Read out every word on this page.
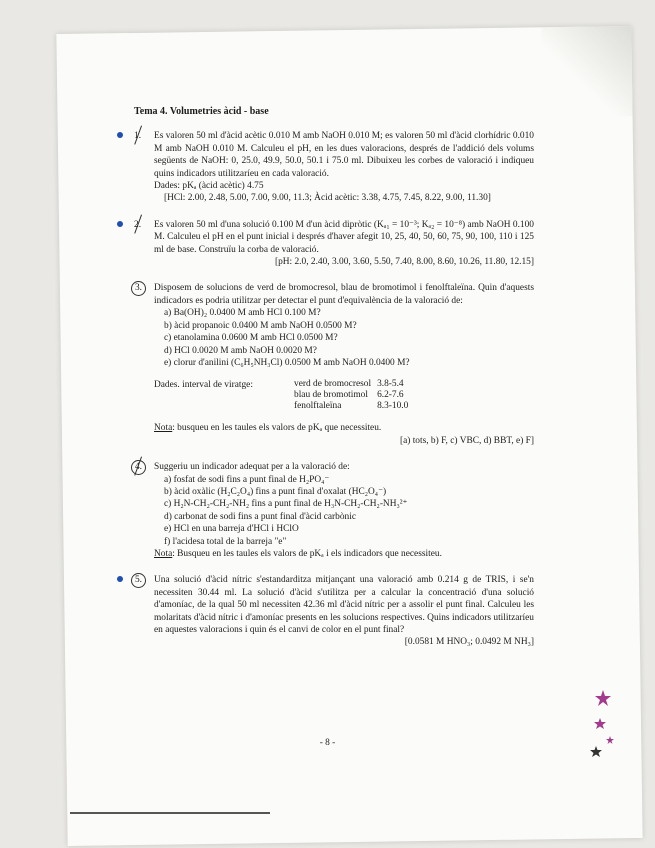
Tema 4. Volumetries àcid - base
1. Es valoren 50 ml d'àcid acètic 0.010 M amb NaOH 0.010 M; es valoren 50 ml d'àcid clorhídric 0.010 M amb NaOH 0.010 M. Calculeu el pH, en les dues valoracions, després de l'addició dels volums següents de NaOH: 0, 25.0, 49.9, 50.0, 50.1 i 75.0 ml. Dibuixeu les corbes de valoració i indiqueu quins indicadors utilitzaríeu en cada valoració.

Dades: pKₐ (àcid acètic) 4.75

[HCl: 2.00, 2.48, 5.00, 7.00, 9.00, 11.3; Àcid acètic: 3.38, 4.75, 7.45, 8.22, 9.00, 11.30]

2. Es valoren 50 ml d'una solució 0.100 M d'un àcid dipròtic (Kₐ₁ = 10⁻³; Kₐ₂ = 10⁻⁸) amb NaOH 0.100 M. Calculeu el pH en el punt inicial i després d'haver afegit 10, 25, 40, 50, 60, 75, 90, 100, 110 i 125 ml de base. Construïu la corba de valoració.

[pH: 2.0, 2.40, 3.00, 3.60, 5.50, 7.40, 8.00, 8.60, 10.26, 11.80, 12.15]

3.	Disposem de solucions de verd de bromocresol, blau de bromotimol i fenolftaleïna. Quin d'aquests indicadors es podria utilitzar per detectar el punt d'equivalència de la valoració de:

a) Ba(OH)₂ 0.0400 M amb HCl 0.100 M?
b) àcid propanoic 0.0400 M amb NaOH 0.0500 M?
c) etanolamina 0.0600 M amb HCl 0.0500 M?
d) HCl 0.0020 M amb NaOH 0.0020 M?
e) clorur d'anilini (C₆H₅NH₃Cl) 0.0500 M amb NaOH 0.0400 M?
Dades. interval de viratge:	verd de bromocresol	3.8-5.4
blau de bromotimol	6.2-7.6
fenolftaleïna	8.3-10.0

Nota: busqueu en les taules els valors de pKₐ que necessiteu.

[a) tots, b) F, c) VBC, d) BBT, e) F]

4.	Suggeriu un indicador adequat per a la valoració de:

a) fosfat de sodi fins a punt final de H₂PO₄⁻
b) àcid oxàlic (H₂C₂O₄) fins a punt final d'oxalat (HC₂O₄⁻)
c) H₂N-CH₂-CH₂-NH₂ fins a punt final de H₃N-CH₂-CH₂-NH₃²⁺
d) carbonat de sodi fins a punt final d'àcid carbònic
e) HCl en una barreja d'HCl i HClO
f) l'acidesa total de la barreja "e"

Nota: Busqueu en les taules els valors de pKₐ i els indicadors que necessiteu.

5.	Una solució d'àcid nítric s'estandarditza mitjançant una valoració amb 0.214 g de TRIS, i se'n necessiten 30.44 ml. La solució d'àcid s'utilitza per a calcular la concentració d'una solució d'amoníac, de la qual 50 ml necessiten 42.36 ml d'àcid nítric per a assolir el punt final. Calculeu les molaritats d'àcid nítric i d'amoníac presents en les solucions respectives. Quins indicadors utilitzaríeu en aquestes valoracions i quin és el canvi de color en el punt final?

[0.0581 M HNO₃; 0.0492 M NH₃]

- 8 -
